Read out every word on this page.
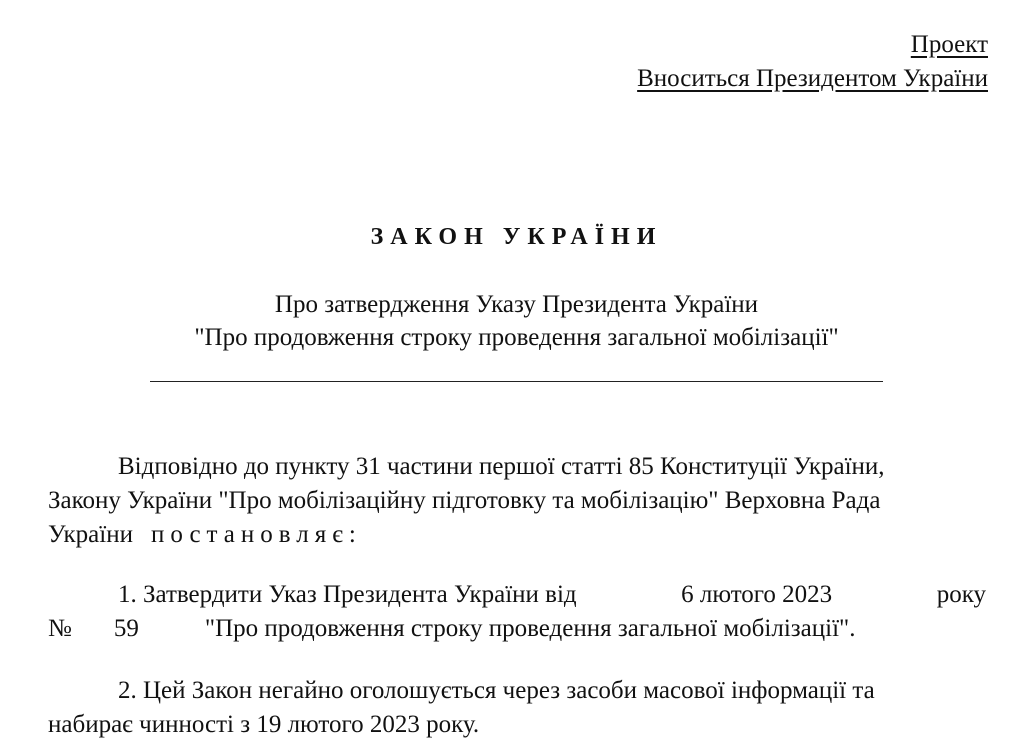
Проект
Вноситься Президентом України
ЗАКОН УКРАЇНИ
Про затвердження Указу Президента України
"Про продовження строку проведення загальної мобілізації"
Відповідно до пункту 31 частини першої статті 85 Конституції України,
Закону України "Про мобілізаційну підготовку та мобілізацію" Верховна Рада
України постановляє:
1. Затвердити Указ Президента України від	6 лютого 2023	року
№ 59	"Про продовження строку проведення загальної мобілізації".
2. Цей Закон негайно оголошується через засоби масової інформації та
набирає чинності з 19 лютого 2023 року.
